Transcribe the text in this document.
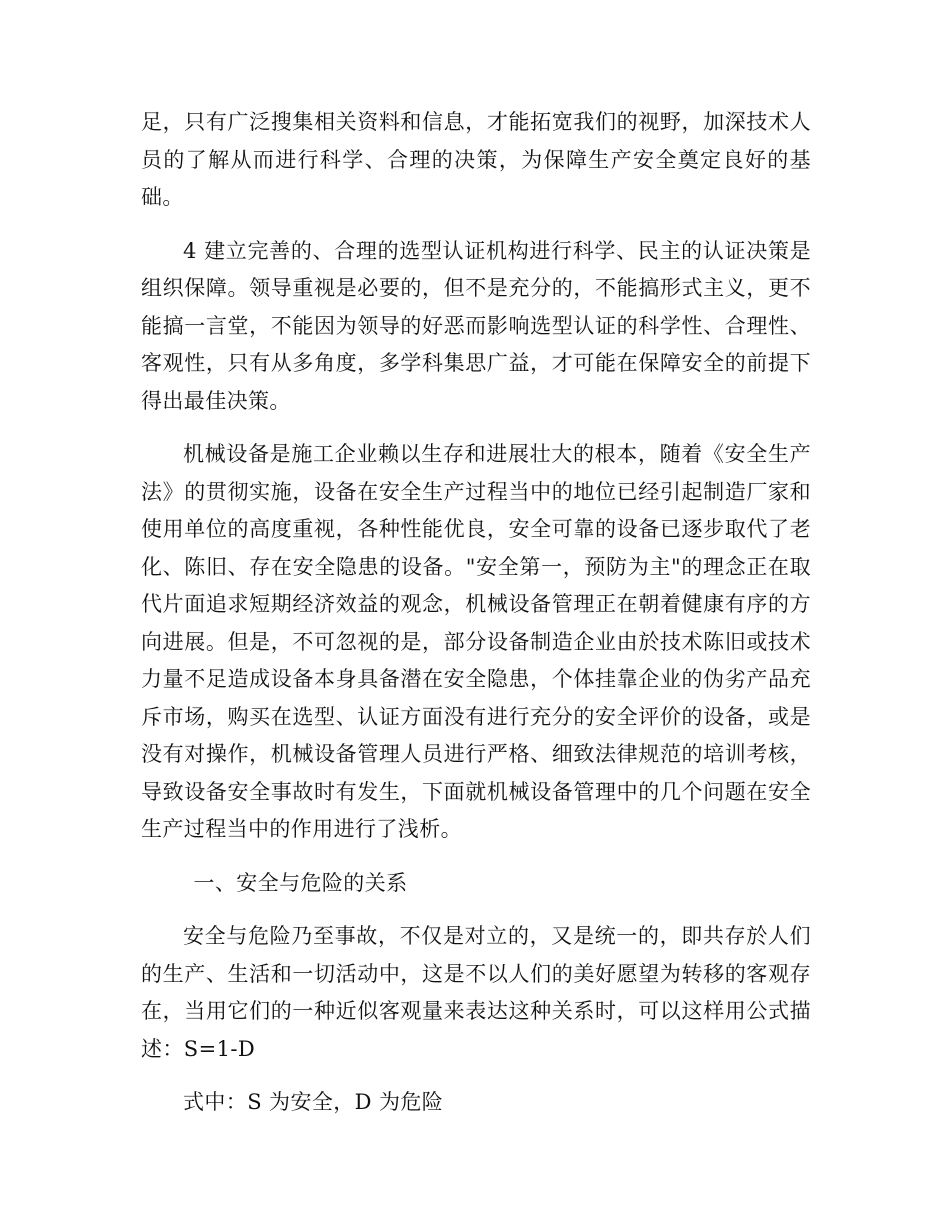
足，只有广泛搜集相关资料和信息，才能拓宽我们的视野，加深技术人员的了解从而进行科学、合理的决策，为保障生产安全奠定良好的基础。

4 建立完善的、合理的选型认证机构进行科学、民主的认证决策是组织保障。领导重视是必要的，但不是充分的，不能搞形式主义，更不能搞一言堂，不能因为领导的好恶而影响选型认证的科学性、合理性、客观性，只有从多角度，多学科集思广益，才可能在保障安全的前提下得出最佳决策。

机械设备是施工企业赖以生存和进展壮大的根本，随着《安全生产法》的贯彻实施，设备在安全生产过程当中的地位已经引起制造厂家和使用单位的高度重视，各种性能优良，安全可靠的设备已逐步取代了老化、陈旧、存在安全隐患的设备。"安全第一，预防为主"的理念正在取代片面追求短期经济效益的观念，机械设备管理正在朝着健康有序的方向进展。但是，不可忽视的是，部分设备制造企业由於技术陈旧或技术力量不足造成设备本身具备潜在安全隐患，个体挂靠企业的伪劣产品充斥市场，购买在选型、认证方面没有进行充分的安全评价的设备，或是没有对操作，机械设备管理人员进行严格、细致法律规范的培训考核，导致设备安全事故时有发生，下面就机械设备管理中的几个问题在安全生产过程当中的作用进行了浅析。

一、安全与危险的关系

安全与危险乃至事故，不仅是对立的，又是统一的，即共存於人们的生产、生活和一切活动中，这是不以人们的美好愿望为转移的客观存在，当用它们的一种近似客观量来表达这种关系时，可以这样用公式描述：S=1-D

式中：S 为安全，D 为危险
